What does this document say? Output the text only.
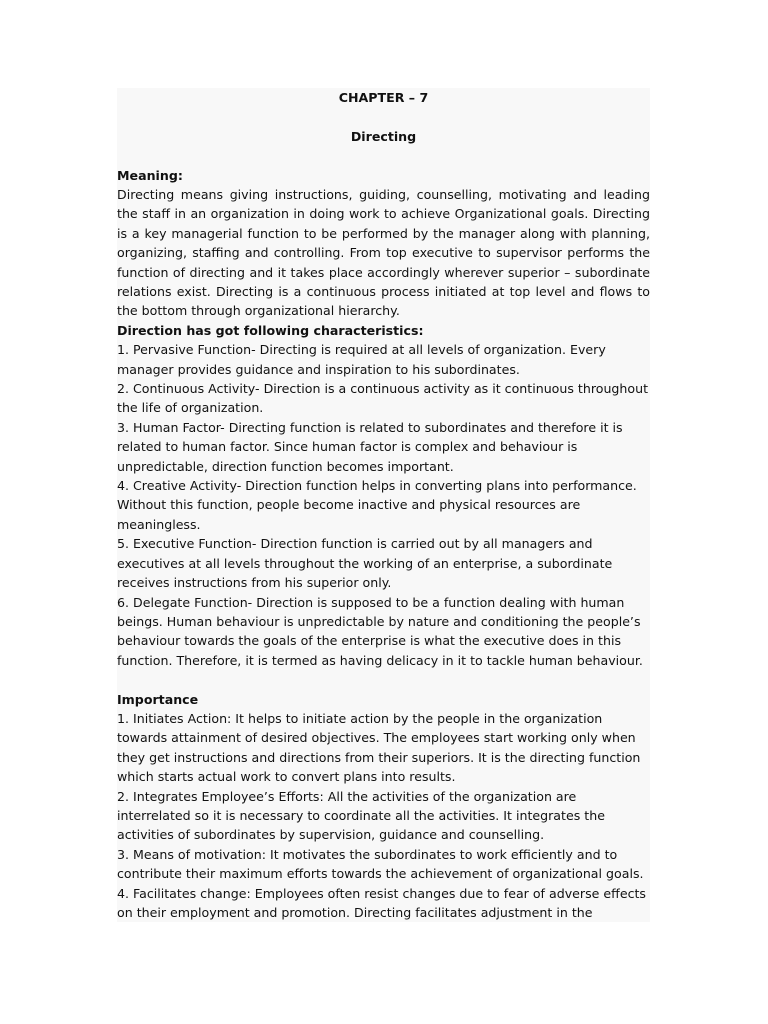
CHAPTER – 7

Directing

Meaning:

Directing means giving instructions, guiding, counselling, motivating and leading the staff in an organization in doing work to achieve Organizational goals. Directing is a key managerial function to be performed by the manager along with planning, organizing, staffing and controlling. From top executive to supervisor performs the function of directing and it takes place accordingly wherever superior – subordinate relations exist. Directing is a continuous process initiated at top level and flows to the bottom through organizational hierarchy.

Direction has got following characteristics:

1. Pervasive Function- Directing is required at all levels of organization. Every manager provides guidance and inspiration to his subordinates.

2. Continuous Activity- Direction is a continuous activity as it continuous throughout the life of organization.

3. Human Factor- Directing function is related to subordinates and therefore it is related to human factor. Since human factor is complex and behaviour is unpredictable, direction function becomes important.

4. Creative Activity- Direction function helps in converting plans into performance. Without this function, people become inactive and physical resources are meaningless.

5. Executive Function- Direction function is carried out by all managers and executives at all levels throughout the working of an enterprise, a subordinate receives instructions from his superior only.

6. Delegate Function- Direction is supposed to be a function dealing with human beings. Human behaviour is unpredictable by nature and conditioning the people’s behaviour towards the goals of the enterprise is what the executive does in this function. Therefore, it is termed as having delicacy in it to tackle human behaviour.

Importance

1. Initiates Action: It helps to initiate action by the people in the organization towards attainment of desired objectives. The employees start working only when they get instructions and directions from their superiors. It is the directing function which starts actual work to convert plans into results.

2. Integrates Employee’s Efforts: All the activities of the organization are interrelated so it is necessary to coordinate all the activities. It integrates the activities of subordinates by supervision, guidance and counselling.

3. Means of motivation: It motivates the subordinates to work efficiently and to contribute their maximum efforts towards the achievement of organizational goals.

4. Facilitates change: Employees often resist changes due to fear of adverse effects on their employment and promotion. Directing facilitates adjustment in the
